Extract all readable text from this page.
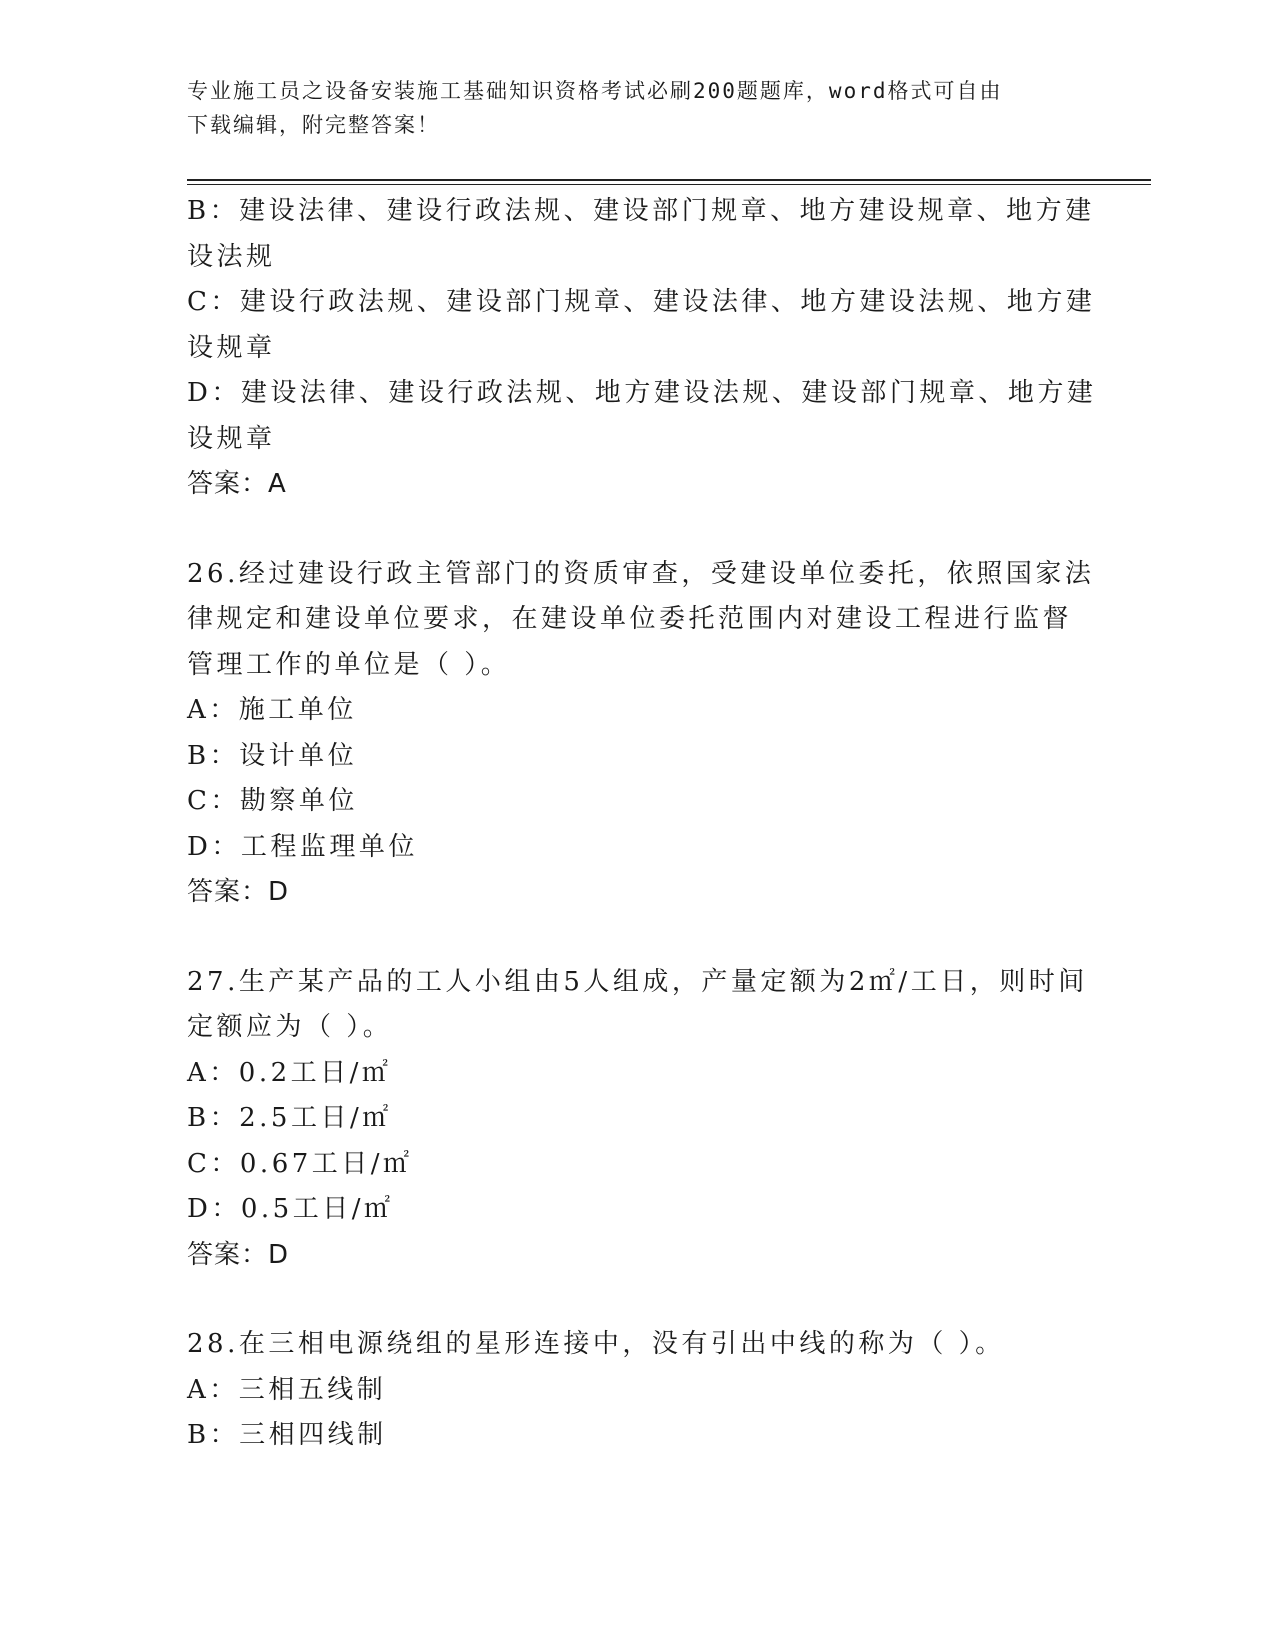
专业施工员之设备安装施工基础知识资格考试必刷200题题库，word格式可自由
下载编辑，附完整答案！
B：建设法律、建设行政法规、建设部门规章、地方建设规章、地方建
设法规
C：建设行政法规、建设部门规章、建设法律、地方建设法规、地方建
设规章
D：建设法律、建设行政法规、地方建设法规、建设部门规章、地方建
设规章
答案：A
26.经过建设行政主管部门的资质审查，受建设单位委托，依照国家法
律规定和建设单位要求，在建设单位委托范围内对建设工程进行监督
管理工作的单位是（ ）。
A：施工单位
B：设计单位
C：勘察单位
D：工程监理单位
答案：D
27.生产某产品的工人小组由5人组成，产量定额为2㎡/工日，则时间
定额应为（ ）。
A：0.2工日/㎡
B：2.5工日/㎡
C：0.67工日/㎡
D：0.5工日/㎡
答案：D
28.在三相电源绕组的星形连接中，没有引出中线的称为（ ）。
A：三相五线制
B：三相四线制
